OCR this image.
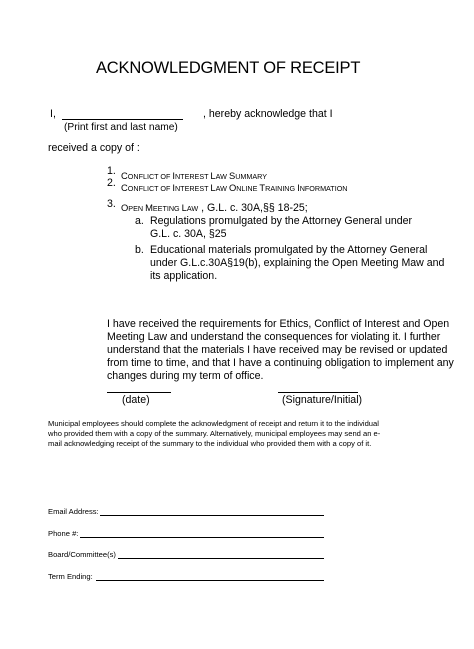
ACKNOWLEDGMENT OF RECEIPT
I,	, hereby acknowledge that I
(Print first and last name)
received a copy of :
1. CONFLICT OF INTEREST LAW SUMMARY
2. CONFLICT OF INTEREST LAW ONLINE TRAINING INFORMATION
3. OPEN MEETING LAW , G.L. c. 30A,§§ 18-25;
a. Regulations promulgated by the Attorney General under
G.L. c. 30A, §25
b. Educational materials promulgated by the Attorney General
under G.L.c.30A§19(b), explaining the Open Meeting Maw and
its application.
I have received the requirements for Ethics, Conflict of Interest and Open
Meeting Law and understand the consequences for violating it. I further
understand that the materials I have received may be revised or updated
from time to time, and that I have a continuing obligation to implement any
changes during my term of office.
(date)	(Signature/Initial)
Municipal employees should complete the acknowledgment of receipt and return it to the individual
who provided them with a copy of the summary. Alternatively, municipal employees may send an e-
mail acknowledging receipt of the summary to the individual who provided them with a copy of it.
Email Address:
Phone #:
Board/Committee(s)
Term Ending:
